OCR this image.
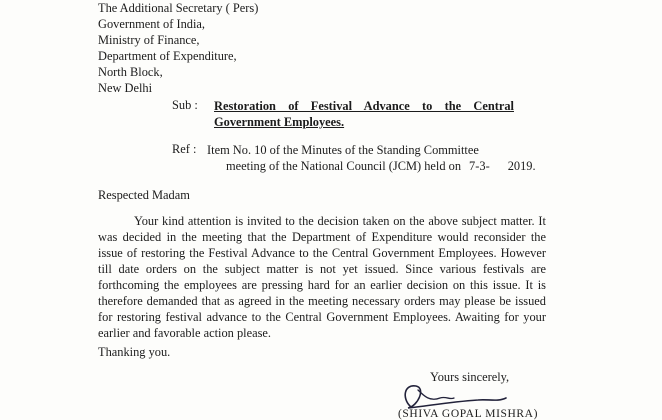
The Additional Secretary ( Pers)
Government of India,
Ministry of Finance,
Department of Expenditure,
North Block,
New Delhi
Sub : Restoration of Festival Advance to the Central Government Employees.
Ref : Item No. 10 of the Minutes of the Standing Committee
meeting of the National Council (JCM) held on 7-3- 2019.
Respected Madam
Your kind attention is invited to the decision taken on the above subject matter. It was decided in the meeting that the Department of Expenditure would reconsider the issue of restoring the Festival Advance to the Central Government Employees. However till date orders on the subject matter is not yet issued. Since various festivals are forthcoming the employees are pressing hard for an earlier decision on this issue. It is therefore demanded that as agreed in the meeting necessary orders may please be issued for restoring festival advance to the Central Government Employees. Awaiting for your earlier and favorable action please.
Thanking you.
Yours sincerely,
(SHIVA GOPAL MISHRA)
